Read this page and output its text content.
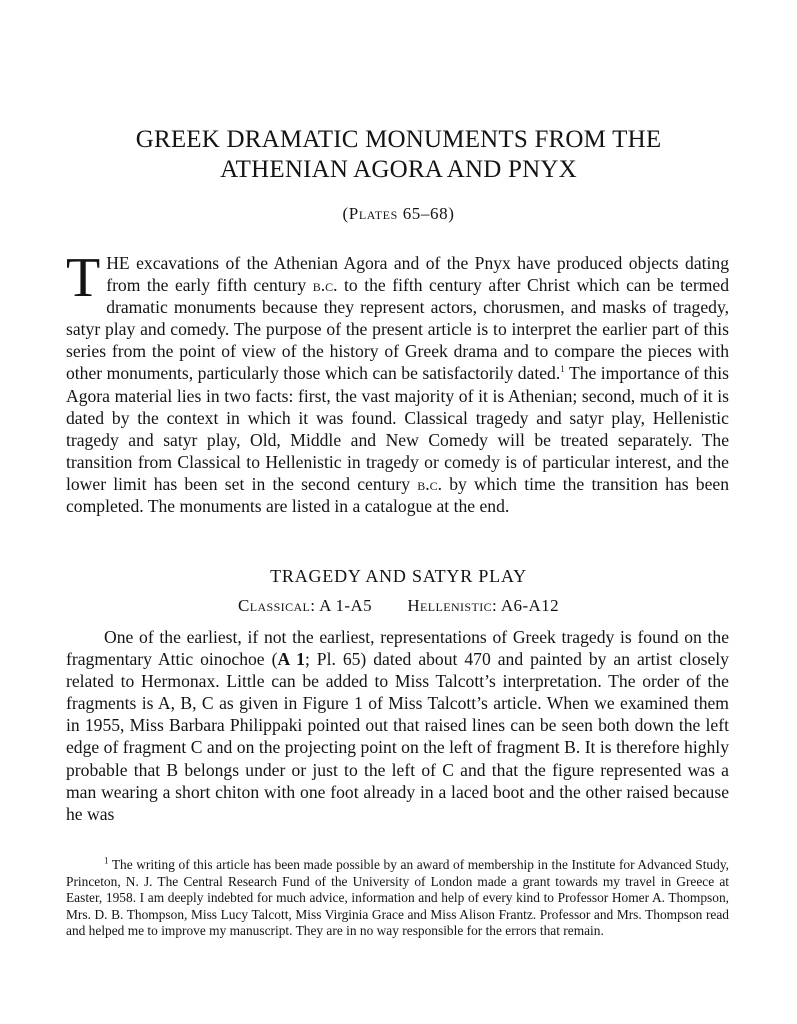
GREEK DRAMATIC MONUMENTS FROM THE
ATHENIAN AGORA AND PNYX
(Plates 65–68)

THE excavations of the Athenian Agora and of the Pnyx have produced objects dating from the early fifth century b.c. to the fifth century after Christ which can be termed dramatic monuments because they represent actors, chorusmen, and masks of tragedy, satyr play and comedy. The purpose of the present article is to interpret the earlier part of this series from the point of view of the history of Greek drama and to compare the pieces with other monuments, particularly those which can be satisfactorily dated.$^1$ The importance of this Agora material lies in two facts: first, the vast majority of it is Athenian; second, much of it is dated by the context in which it was found. Classical tragedy and satyr play, Hellenistic tragedy and satyr play, Old, Middle and New Comedy will be treated separately. The transition from Classical to Hellenistic in tragedy or comedy is of particular interest, and the lower limit has been set in the second century b.c. by which time the transition has been completed. The monuments are listed in a catalogue at the end.

TRAGEDY AND SATYR PLAY
Classical: A 1-A5 Hellenistic: A6-A12

One of the earliest, if not the earliest, representations of Greek tragedy is found on the fragmentary Attic oinochoe (A 1; Pl. 65) dated about 470 and painted by an artist closely related to Hermonax. Little can be added to Miss Talcott’s interpretation. The order of the fragments is A, B, C as given in Figure 1 of Miss Talcott’s article. When we examined them in 1955, Miss Barbara Philippaki pointed out that raised lines can be seen both down the left edge of fragment C and on the projecting point on the left of fragment B. It is therefore highly probable that B belongs under or just to the left of C and that the figure represented was a man wearing a short chiton with one foot already in a laced boot and the other raised because he was

$^1$ The writing of this article has been made possible by an award of membership in the Institute for Advanced Study, Princeton, N. J. The Central Research Fund of the University of London made a grant towards my travel in Greece at Easter, 1958. I am deeply indebted for much advice, information and help of every kind to Professor Homer A. Thompson, Mrs. D. B. Thompson, Miss Lucy Talcott, Miss Virginia Grace and Miss Alison Frantz. Professor and Mrs. Thompson read and helped me to improve my manuscript. They are in no way responsible for the errors that remain.
